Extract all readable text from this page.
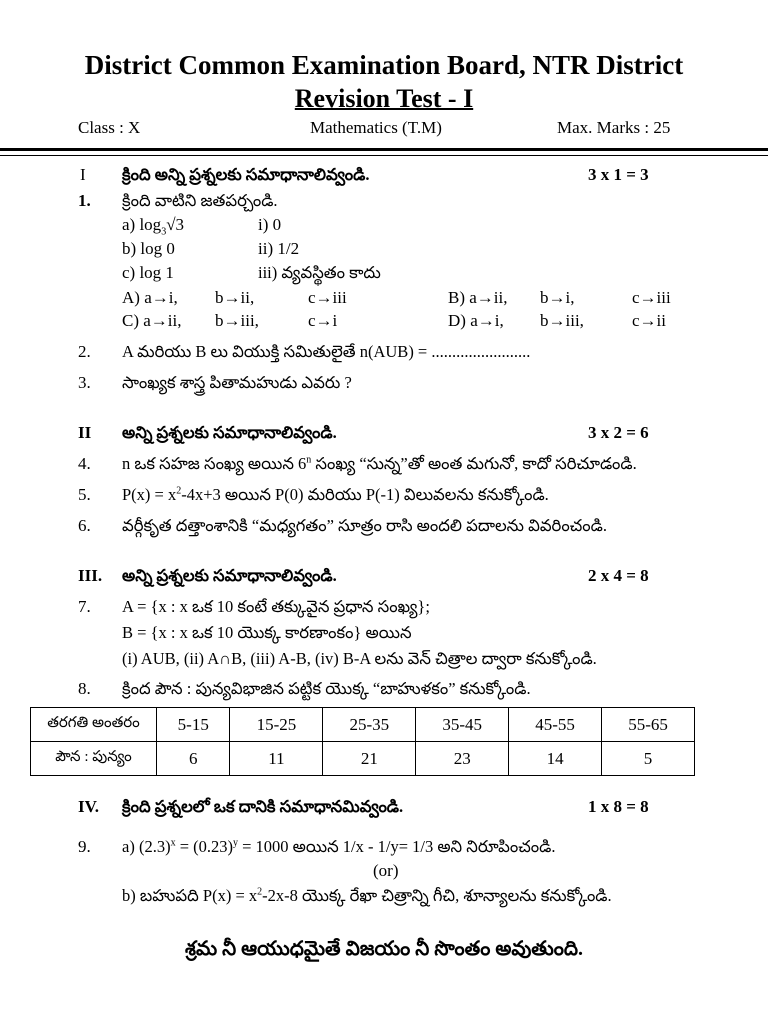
District Common Examination Board, NTR District
Revision Test - I
Class : X	Mathematics (T.M)	Max. Marks : 25
I క్రింది అన్ని ప్రశ్నలకు సమాధానాలివ్వండి.	3 x 1 = 3
1. క్రింది వాటిని జతపర్చండి.
a) $\log_3√3$	i) 0
b) log 0	ii) 1/2
c) log 1	iii) వ్యవస్థితం కాదు
A) a→i, b→ii,	c→iii	B) a→ii, b→i,	c→iii
C) a→ii, b→iii,	c→i	D) a→i, b→iii,	c→ii
2. A మరియు B లు వియుక్తి సమితులైతే n(AUB) = ........................
3. సాంఖ్యక శాస్త్ర పితామహుడు ఎవరు ?
II అన్ని ప్రశ్నలకు సమాధానాలివ్వండి.	3 x 2 = 6
4. n ఒక సహజ సంఖ్య అయిన 6$^n$ సంఖ్య “సున్న”తో అంత మగునో, కాదో సరిచూడండి.
5. $P(x) = x^2-4x+3$ అయిన P(0) మరియు P(-1) విలువలను కనుక్కోండి.
6. వర్గీకృత దత్తాంశానికి “మధ్యగతం” సూత్రం రాసి అందలి పదాలను వివరించండి.
III. అన్ని ప్రశ్నలకు సమాధానాలివ్వండి.	2 x 4 = 8
7. A = {x : x ఒక 10 కంటే తక్కువైన ప్రధాన సంఖ్య};
B = {x : x ఒక 10 యొక్క కారణాంకం} అయిన
(i) AUB, (ii) A∩B, (iii) A-B, (iv) B-A లను వెన్ చిత్రాల ద్వారా కనుక్కోండి.
8. క్రింద పౌన : పున్యవిభాజిన పట్టిక యొక్క “బాహుళకం” కనుక్కోండి.
తరగతి అంతరం	5-15	15-25	25-35	35-45	45-55	55-65
పౌన : పున్యం	6	11	21	23	14	5
IV. క్రింది ప్రశ్నలలో ఒక దానికి సమాధానమివ్వండి.	1 x 8 = 8
9. a) $(2.3)^x = (0.23)^y = 1000$ అయిన 1/x - 1/y= 1/3 అని నిరూపించండి.
(or)
b) బహుపది $P(x) = x^2-2x-8$ యొక్క రేఖా చిత్రాన్ని గీచి, శూన్యాలను కనుక్కోండి.
శ్రమ నీ ఆయుధమైతే విజయం నీ సొంతం అవుతుంది.
